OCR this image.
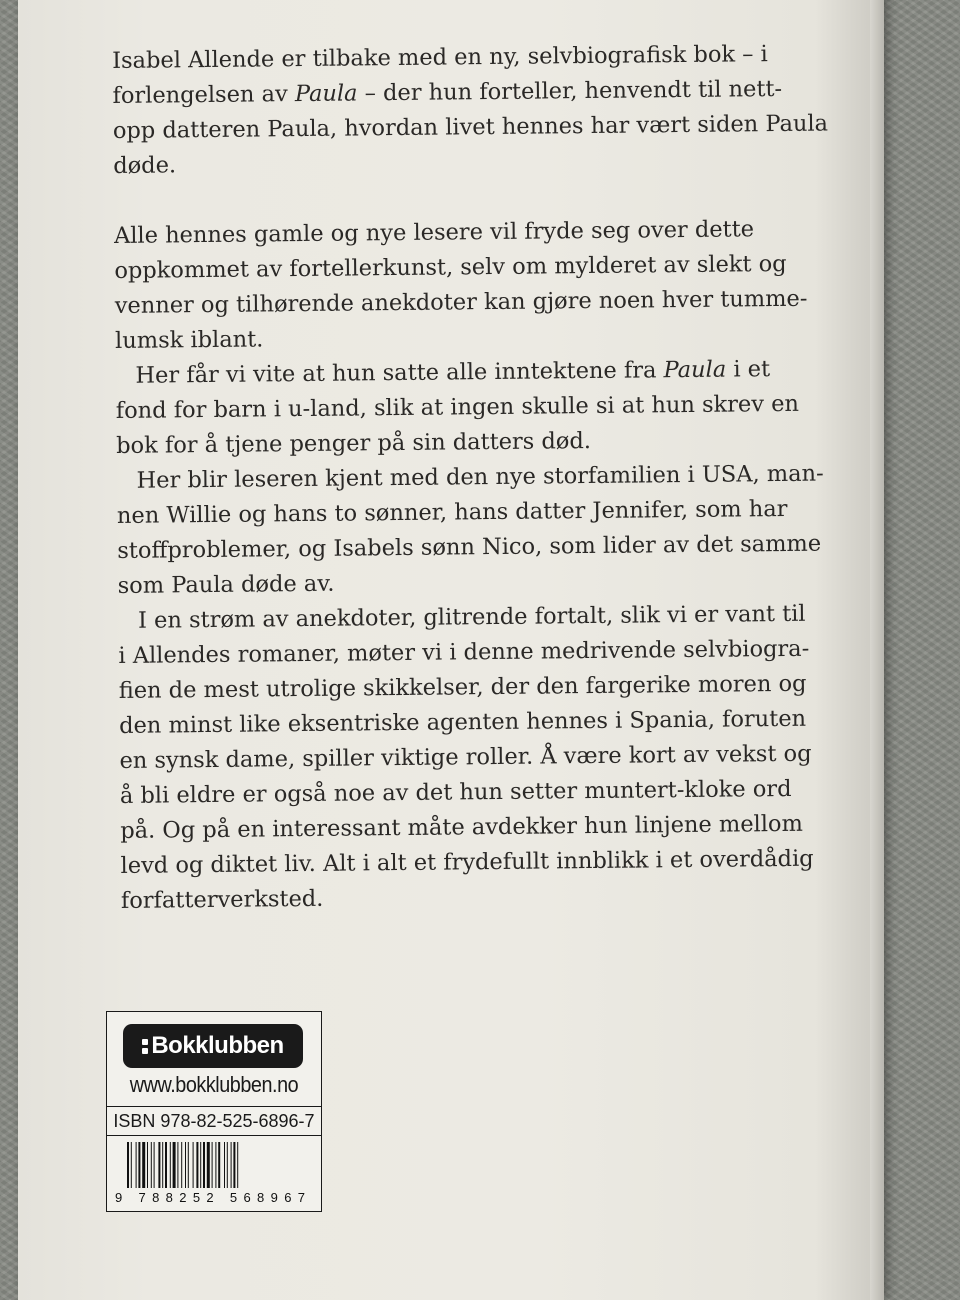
Isabel Allende er tilbake med en ny, selvbiografisk bok – i
forlengelsen av Paula – der hun forteller, henvendt til nett-
opp datteren Paula, hvordan livet hennes har vært siden Paula
døde.

Alle hennes gamle og nye lesere vil fryde seg over dette
oppkommet av fortellerkunst, selv om mylderet av slekt og
venner og tilhørende anekdoter kan gjøre noen hver tumme-
lumsk iblant.

Her får vi vite at hun satte alle inntektene fra Paula i et
fond for barn i u-land, slik at ingen skulle si at hun skrev en
bok for å tjene penger på sin datters død.

Her blir leseren kjent med den nye storfamilien i USA, man-
nen Willie og hans to sønner, hans datter Jennifer, som har
stoffproblemer, og Isabels sønn Nico, som lider av det samme
som Paula døde av.

I en strøm av anekdoter, glitrende fortalt, slik vi er vant til
i Allendes romaner, møter vi i denne medrivende selvbiogra-
fien de mest utrolige skikkelser, der den fargerike moren og
den minst like eksentriske agenten hennes i Spania, foruten
en synsk dame, spiller viktige roller. Å være kort av vekst og
å bli eldre er også noe av det hun setter muntert-kloke ord
på. Og på en interessant måte avdekker hun linjene mellom
levd og diktet liv. Alt i alt et frydefullt innblikk i et overdådig
forfatterverksted.

Bokklubben
www.bokklubben.no
ISBN 978-82-525-6896-7
9 788252 568967
